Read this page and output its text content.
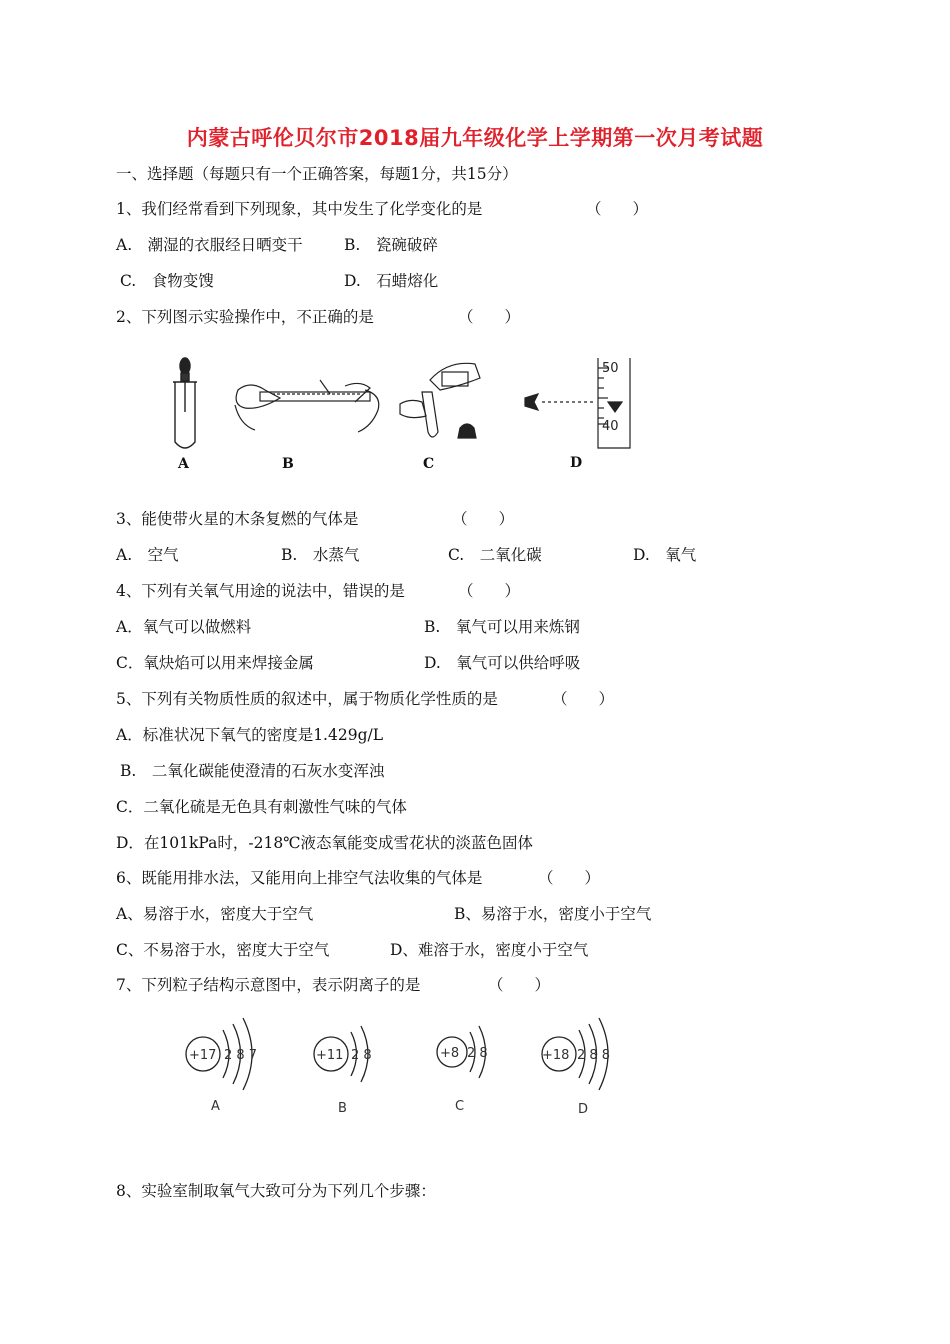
内蒙古呼伦贝尔市2018届九年级化学上学期第一次月考试题
一、选择题（每题只有一个正确答案，每题1分，共15分）
1、我们经常看到下列现象，其中发生了化学变化的是	（　　）
A.　潮湿的衣服经日晒变干	B.　瓷碗破碎
C.　食物变馊	D.　石蜡熔化
2、下列图示实验操作中，不正确的是	（　　）
50
40
A	B	C	D
3、能使带火星的木条复燃的气体是	（　　）
A.　空气	B.　水蒸气	C.　二氧化碳	D.　氧气
4、下列有关氧气用途的说法中，错误的是	（　　）
A．氧气可以做燃料	B.　氧气可以用来炼钢
C．氧炔焰可以用来焊接金属	D.　氧气可以供给呼吸
5、下列有关物质性质的叙述中，属于物质化学性质的是	（　　）
A．标准状况下氧气的密度是1.429g/L
B.　二氧化碳能使澄清的石灰水变浑浊
C．二氧化硫是无色具有刺激性气味的气体
D．在101kPa时，-218℃液态氧能变成雪花状的淡蓝色固体
6、既能用排水法，又能用向上排空气法收集的气体是	（　　）
A、易溶于水，密度大于空气	B、易溶于水，密度小于空气
C、不易溶于水，密度大于空气	D、难溶于水，密度小于空气
7、下列粒子结构示意图中，表示阴离子的是	（　　）
+17 2 8 7
A
+11 2 8
B
+8 2 8
C
+18 2 8 8
D
8、实验室制取氧气大致可分为下列几个步骤：
